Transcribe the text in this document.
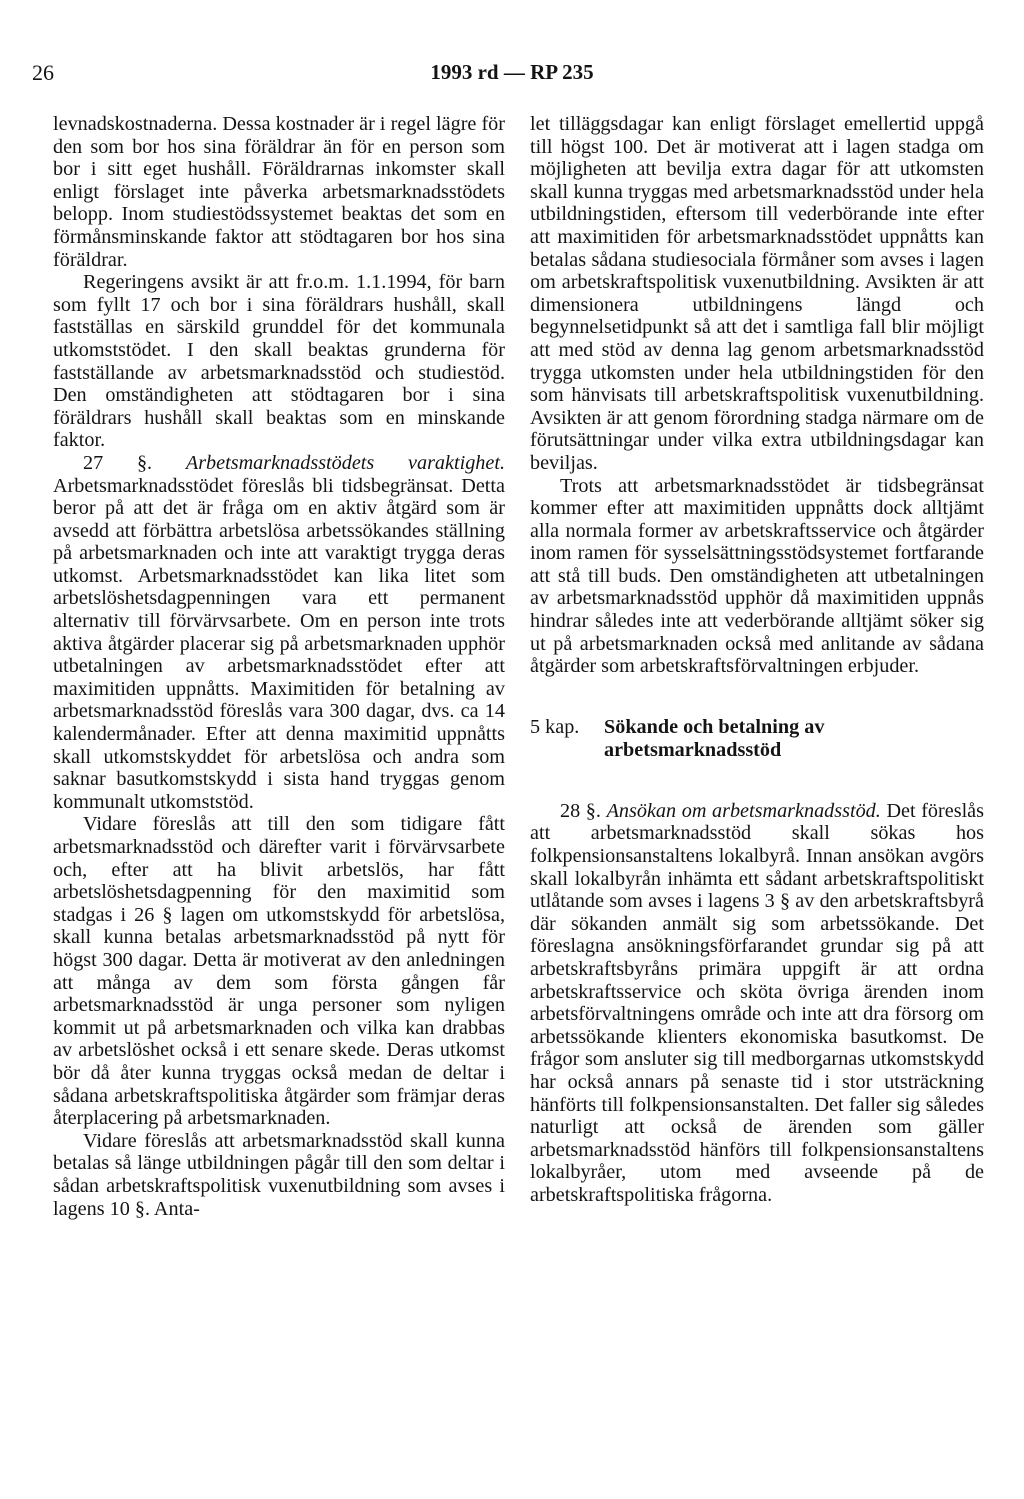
26	1993 rd — RP 235

levnadskostnaderna. Dessa kostnader är i regel lägre för den som bor hos sina föräldrar än för en person som bor i sitt eget hushåll. Föräldrarnas inkomster skall enligt förslaget inte påverka arbetsmarknadsstödets belopp. Inom studiestödssystemet beaktas det som en förmånsminskande faktor att stödtagaren bor hos sina föräldrar.

Regeringens avsikt är att fr.o.m. 1.1.1994, för barn som fyllt 17 och bor i sina föräldrars hushåll, skall fastställas en särskild grunddel för det kommunala utkomststödet. I den skall beaktas grunderna för fastställande av arbetsmarknadsstöd och studiestöd. Den omständigheten att stödtagaren bor i sina föräldrars hushåll skall beaktas som en minskande faktor.

27 §. Arbetsmarknadsstödets varaktighet. Arbetsmarknadsstödet föreslås bli tidsbegränsat. Detta beror på att det är fråga om en aktiv åtgärd som är avsedd att förbättra arbetslösa arbetssökandes ställning på arbetsmarknaden och inte att varaktigt trygga deras utkomst. Arbetsmarknadsstödet kan lika litet som arbetslöshetsdagpenningen vara ett permanent alternativ till förvärvsarbete. Om en person inte trots aktiva åtgärder placerar sig på arbetsmarknaden upphör utbetalningen av arbetsmarknadsstödet efter att maximitiden uppnåtts. Maximitiden för betalning av arbetsmarknadsstöd föreslås vara 300 dagar, dvs. ca 14 kalendermånader. Efter att denna maximitid uppnåtts skall utkomstskyddet för arbetslösa och andra som saknar basutkomstskydd i sista hand tryggas genom kommunalt utkomststöd.

Vidare föreslås att till den som tidigare fått arbetsmarknadsstöd och därefter varit i förvärvsarbete och, efter att ha blivit arbetslös, har fått arbetslöshetsdagpenning för den maximitid som stadgas i 26 § lagen om utkomstskydd för arbetslösa, skall kunna betalas arbetsmarknadsstöd på nytt för högst 300 dagar. Detta är motiverat av den anledningen att många av dem som första gången får arbetsmarknadsstöd är unga personer som nyligen kommit ut på arbetsmarknaden och vilka kan drabbas av arbetslöshet också i ett senare skede. Deras utkomst bör då åter kunna tryggas också medan de deltar i sådana arbetskraftspolitiska åtgärder som främjar deras återplacering på arbetsmarknaden.

Vidare föreslås att arbetsmarknadsstöd skall kunna betalas så länge utbildningen pågår till den som deltar i sådan arbetskraftspolitisk vuxenutbildning som avses i lagens 10 §. Anta-

let tilläggsdagar kan enligt förslaget emellertid uppgå till högst 100. Det är motiverat att i lagen stadga om möjligheten att bevilja extra dagar för att utkomsten skall kunna tryggas med arbetsmarknadsstöd under hela utbildningstiden, eftersom till vederbörande inte efter att maximitiden för arbetsmarknadsstödet uppnåtts kan betalas sådana studiesociala förmåner som avses i lagen om arbetskraftspolitisk vuxenutbildning. Avsikten är att dimensionera utbildningens längd och begynnelsetidpunkt så att det i samtliga fall blir möjligt att med stöd av denna lag genom arbetsmarknadsstöd trygga utkomsten under hela utbildningstiden för den som hänvisats till arbetskraftspolitisk vuxenutbildning. Avsikten är att genom förordning stadga närmare om de förutsättningar under vilka extra utbildningsdagar kan beviljas.

Trots att arbetsmarknadsstödet är tidsbegränsat kommer efter att maximitiden uppnåtts dock alltjämt alla normala former av arbetskraftsservice och åtgärder inom ramen för sysselsättningsstödsystemet fortfarande att stå till buds. Den omständigheten att utbetalningen av arbetsmarknadsstöd upphör då maximitiden uppnås hindrar således inte att vederbörande alltjämt söker sig ut på arbetsmarknaden också med anlitande av sådana åtgärder som arbetskraftsförvaltningen erbjuder.

5 kap.	Sökande och betalning av arbetsmarknadsstöd

28 §. Ansökan om arbetsmarknadsstöd. Det föreslås att arbetsmarknadsstöd skall sökas hos folkpensionsanstaltens lokalbyrå. Innan ansökan avgörs skall lokalbyrån inhämta ett sådant arbetskraftspolitiskt utlåtande som avses i lagens 3 § av den arbetskraftsbyrå där sökanden anmält sig som arbetssökande. Det föreslagna ansökningsförfarandet grundar sig på att arbetskraftsbyråns primära uppgift är att ordna arbetskraftsservice och sköta övriga ärenden inom arbetsförvaltningens område och inte att dra försorg om arbetssökande klienters ekonomiska basutkomst. De frågor som ansluter sig till medborgarnas utkomstskydd har också annars på senaste tid i stor utsträckning hänförts till folkpensionsanstalten. Det faller sig således naturligt att också de ärenden som gäller arbetsmarknadsstöd hänförs till folkpensionsanstaltens lokalbyråer, utom med avseende på de arbetskraftspolitiska frågorna.
